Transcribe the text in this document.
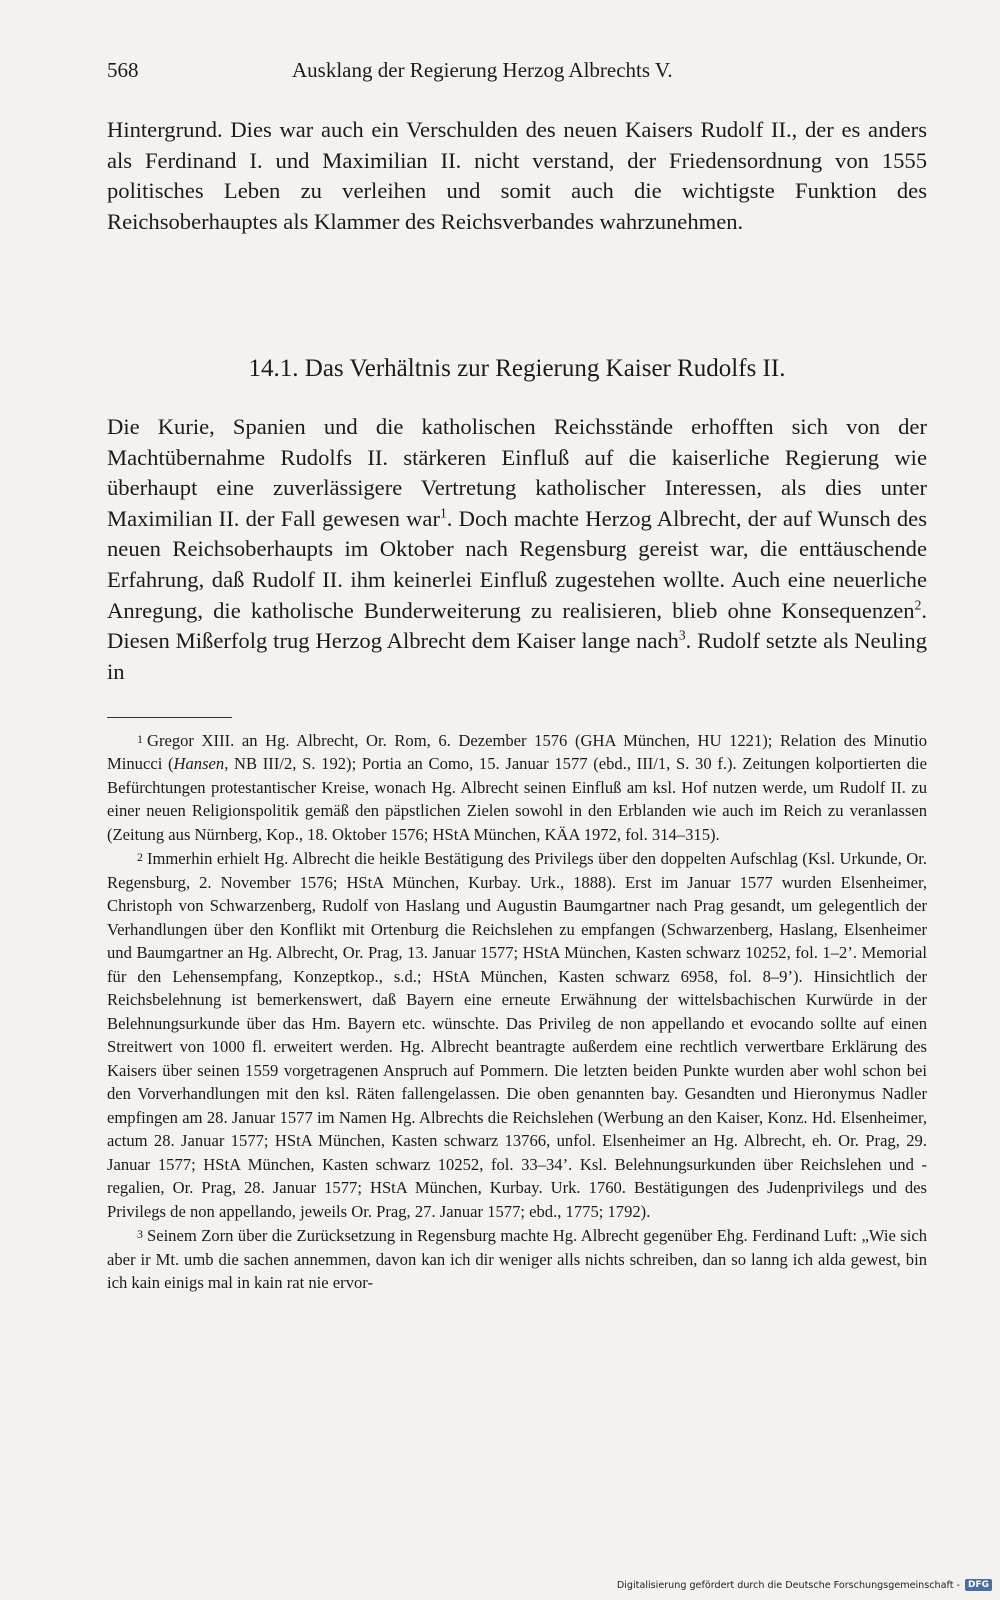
568	Ausklang der Regierung Herzog Albrechts V.

Hintergrund. Dies war auch ein Verschulden des neuen Kaisers Rudolf II., der es anders als Ferdinand I. und Maximilian II. nicht verstand, der Friedensordnung von 1555 politisches Leben zu verleihen und somit auch die wichtigste Funktion des Reichsoberhauptes als Klammer des Reichsverbandes wahrzunehmen.

14.1. Das Verhältnis zur Regierung Kaiser Rudolfs II.

Die Kurie, Spanien und die katholischen Reichsstände erhofften sich von der Machtübernahme Rudolfs II. stärkeren Einfluß auf die kaiserliche Regierung wie überhaupt eine zuverlässigere Vertretung katholischer Interessen, als dies unter Maximilian II. der Fall gewesen war$^1$. Doch machte Herzog Albrecht, der auf Wunsch des neuen Reichsoberhaupts im Oktober nach Regensburg gereist war, die enttäuschende Erfahrung, daß Rudolf II. ihm keinerlei Einfluß zugestehen wollte. Auch eine neuerliche Anregung, die katholische Bunderweiterung zu realisieren, blieb ohne Konsequenzen$^2$. Diesen Mißerfolg trug Herzog Albrecht dem Kaiser lange nach$^3$. Rudolf setzte als Neuling in

1 Gregor XIII. an Hg. Albrecht, Or. Rom, 6. Dezember 1576 (GHA München, HU 1221); Relation des Minutio Minucci (Hansen, NB III/2, S. 192); Portia an Como, 15. Januar 1577 (ebd., III/1, S. 30 f.). Zeitungen kolportierten die Befürchtungen protestantischer Kreise, wonach Hg. Albrecht seinen Einfluß am ksl. Hof nutzen werde, um Rudolf II. zu einer neuen Religionspolitik gemäß den päpstlichen Zielen sowohl in den Erblanden wie auch im Reich zu veranlassen (Zeitung aus Nürnberg, Kop., 18. Oktober 1576; HStA München, KÄA 1972, fol. 314–315).

2 Immerhin erhielt Hg. Albrecht die heikle Bestätigung des Privilegs über den doppelten Aufschlag (Ksl. Urkunde, Or. Regensburg, 2. November 1576; HStA München, Kurbay. Urk., 1888). Erst im Januar 1577 wurden Elsenheimer, Christoph von Schwarzenberg, Rudolf von Haslang und Augustin Baumgartner nach Prag gesandt, um gelegentlich der Verhandlungen über den Konflikt mit Ortenburg die Reichslehen zu empfangen (Schwarzenberg, Haslang, Elsenheimer und Baumgartner an Hg. Albrecht, Or. Prag, 13. Januar 1577; HStA München, Kasten schwarz 10252, fol. 1–2’. Memorial für den Lehensempfang, Konzeptkop., s.d.; HStA München, Kasten schwarz 6958, fol. 8–9’). Hinsichtlich der Reichsbelehnung ist bemerkenswert, daß Bayern eine erneute Erwähnung der wittelsbachischen Kurwürde in der Belehnungsurkunde über das Hm. Bayern etc. wünschte. Das Privileg de non appellando et evocando sollte auf einen Streitwert von 1000 fl. erweitert werden. Hg. Albrecht beantragte außerdem eine rechtlich verwertbare Erklärung des Kaisers über seinen 1559 vorgetragenen Anspruch auf Pommern. Die letzten beiden Punkte wurden aber wohl schon bei den Vorverhandlungen mit den ksl. Räten fallengelassen. Die oben genannten bay. Gesandten und Hieronymus Nadler empfingen am 28. Januar 1577 im Namen Hg. Albrechts die Reichslehen (Werbung an den Kaiser, Konz. Hd. Elsenheimer, actum 28. Januar 1577; HStA München, Kasten schwarz 13766, unfol. Elsenheimer an Hg. Albrecht, eh. Or. Prag, 29. Januar 1577; HStA München, Kasten schwarz 10252, fol. 33–34’. Ksl. Belehnungsurkunden über Reichslehen und -regalien, Or. Prag, 28. Januar 1577; HStA München, Kurbay. Urk. 1760. Bestätigungen des Judenprivilegs und des Privilegs de non appellando, jeweils Or. Prag, 27. Januar 1577; ebd., 1775; 1792).

3 Seinem Zorn über die Zurücksetzung in Regensburg machte Hg. Albrecht gegenüber Ehg. Ferdinand Luft: „Wie sich aber ir Mt. umb die sachen annemmen, davon kan ich dir weniger alls nichts schreiben, dan so lanng ich alda gewest, bin ich kain einigs mal in kain rat nie ervor-

Digitalisierung gefördert durch die Deutsche Forschungsgemeinschaft - DFG
